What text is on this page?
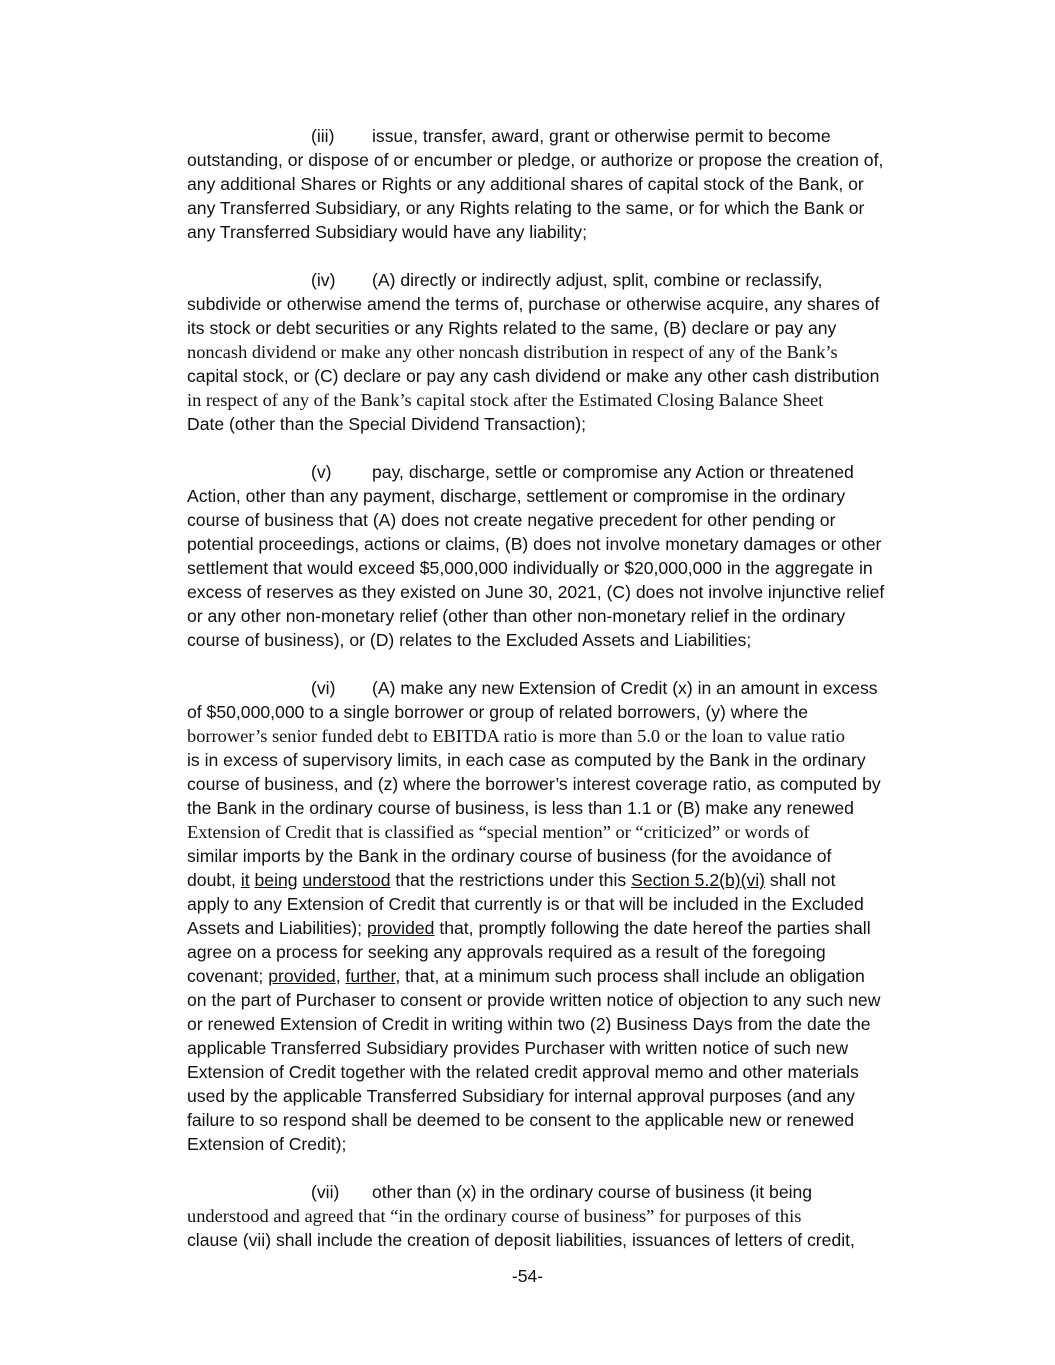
(iii) issue, transfer, award, grant or otherwise permit to become
outstanding, or dispose of or encumber or pledge, or authorize or propose the creation of,
any additional Shares or Rights or any additional shares of capital stock of the Bank, or
any Transferred Subsidiary, or any Rights relating to the same, or for which the Bank or
any Transferred Subsidiary would have any liability;

(iv) (A) directly or indirectly adjust, split, combine or reclassify,
subdivide or otherwise amend the terms of, purchase or otherwise acquire, any shares of
its stock or debt securities or any Rights related to the same, (B) declare or pay any
noncash dividend or make any other noncash distribution in respect of any of the Bank’s
capital stock, or (C) declare or pay any cash dividend or make any other cash distribution
in respect of any of the Bank’s capital stock after the Estimated Closing Balance Sheet
Date (other than the Special Dividend Transaction);

(v) pay, discharge, settle or compromise any Action or threatened
Action, other than any payment, discharge, settlement or compromise in the ordinary
course of business that (A) does not create negative precedent for other pending or
potential proceedings, actions or claims, (B) does not involve monetary damages or other
settlement that would exceed $5,000,000 individually or $20,000,000 in the aggregate in
excess of reserves as they existed on June 30, 2021, (C) does not involve injunctive relief
or any other non-monetary relief (other than other non-monetary relief in the ordinary
course of business), or (D) relates to the Excluded Assets and Liabilities;

(vi) (A) make any new Extension of Credit (x) in an amount in excess
of $50,000,000 to a single borrower or group of related borrowers, (y) where the
borrower’s senior funded debt to EBITDA ratio is more than 5.0 or the loan to value ratio
is in excess of supervisory limits, in each case as computed by the Bank in the ordinary
course of business, and (z) where the borrower’s interest coverage ratio, as computed by
the Bank in the ordinary course of business, is less than 1.1 or (B) make any renewed
Extension of Credit that is classified as “special mention” or “criticized” or words of
similar imports by the Bank in the ordinary course of business (for the avoidance of
doubt, it being understood that the restrictions under this Section 5.2(b)(vi) shall not
apply to any Extension of Credit that currently is or that will be included in the Excluded
Assets and Liabilities); provided that, promptly following the date hereof the parties shall
agree on a process for seeking any approvals required as a result of the foregoing
covenant; provided, further, that, at a minimum such process shall include an obligation
on the part of Purchaser to consent or provide written notice of objection to any such new
or renewed Extension of Credit in writing within two (2) Business Days from the date the
applicable Transferred Subsidiary provides Purchaser with written notice of such new
Extension of Credit together with the related credit approval memo and other materials
used by the applicable Transferred Subsidiary for internal approval purposes (and any
failure to so respond shall be deemed to be consent to the applicable new or renewed
Extension of Credit);

(vii) other than (x) in the ordinary course of business (it being
understood and agreed that “in the ordinary course of business” for purposes of this
clause (vii) shall include the creation of deposit liabilities, issuances of letters of credit,

-54-
